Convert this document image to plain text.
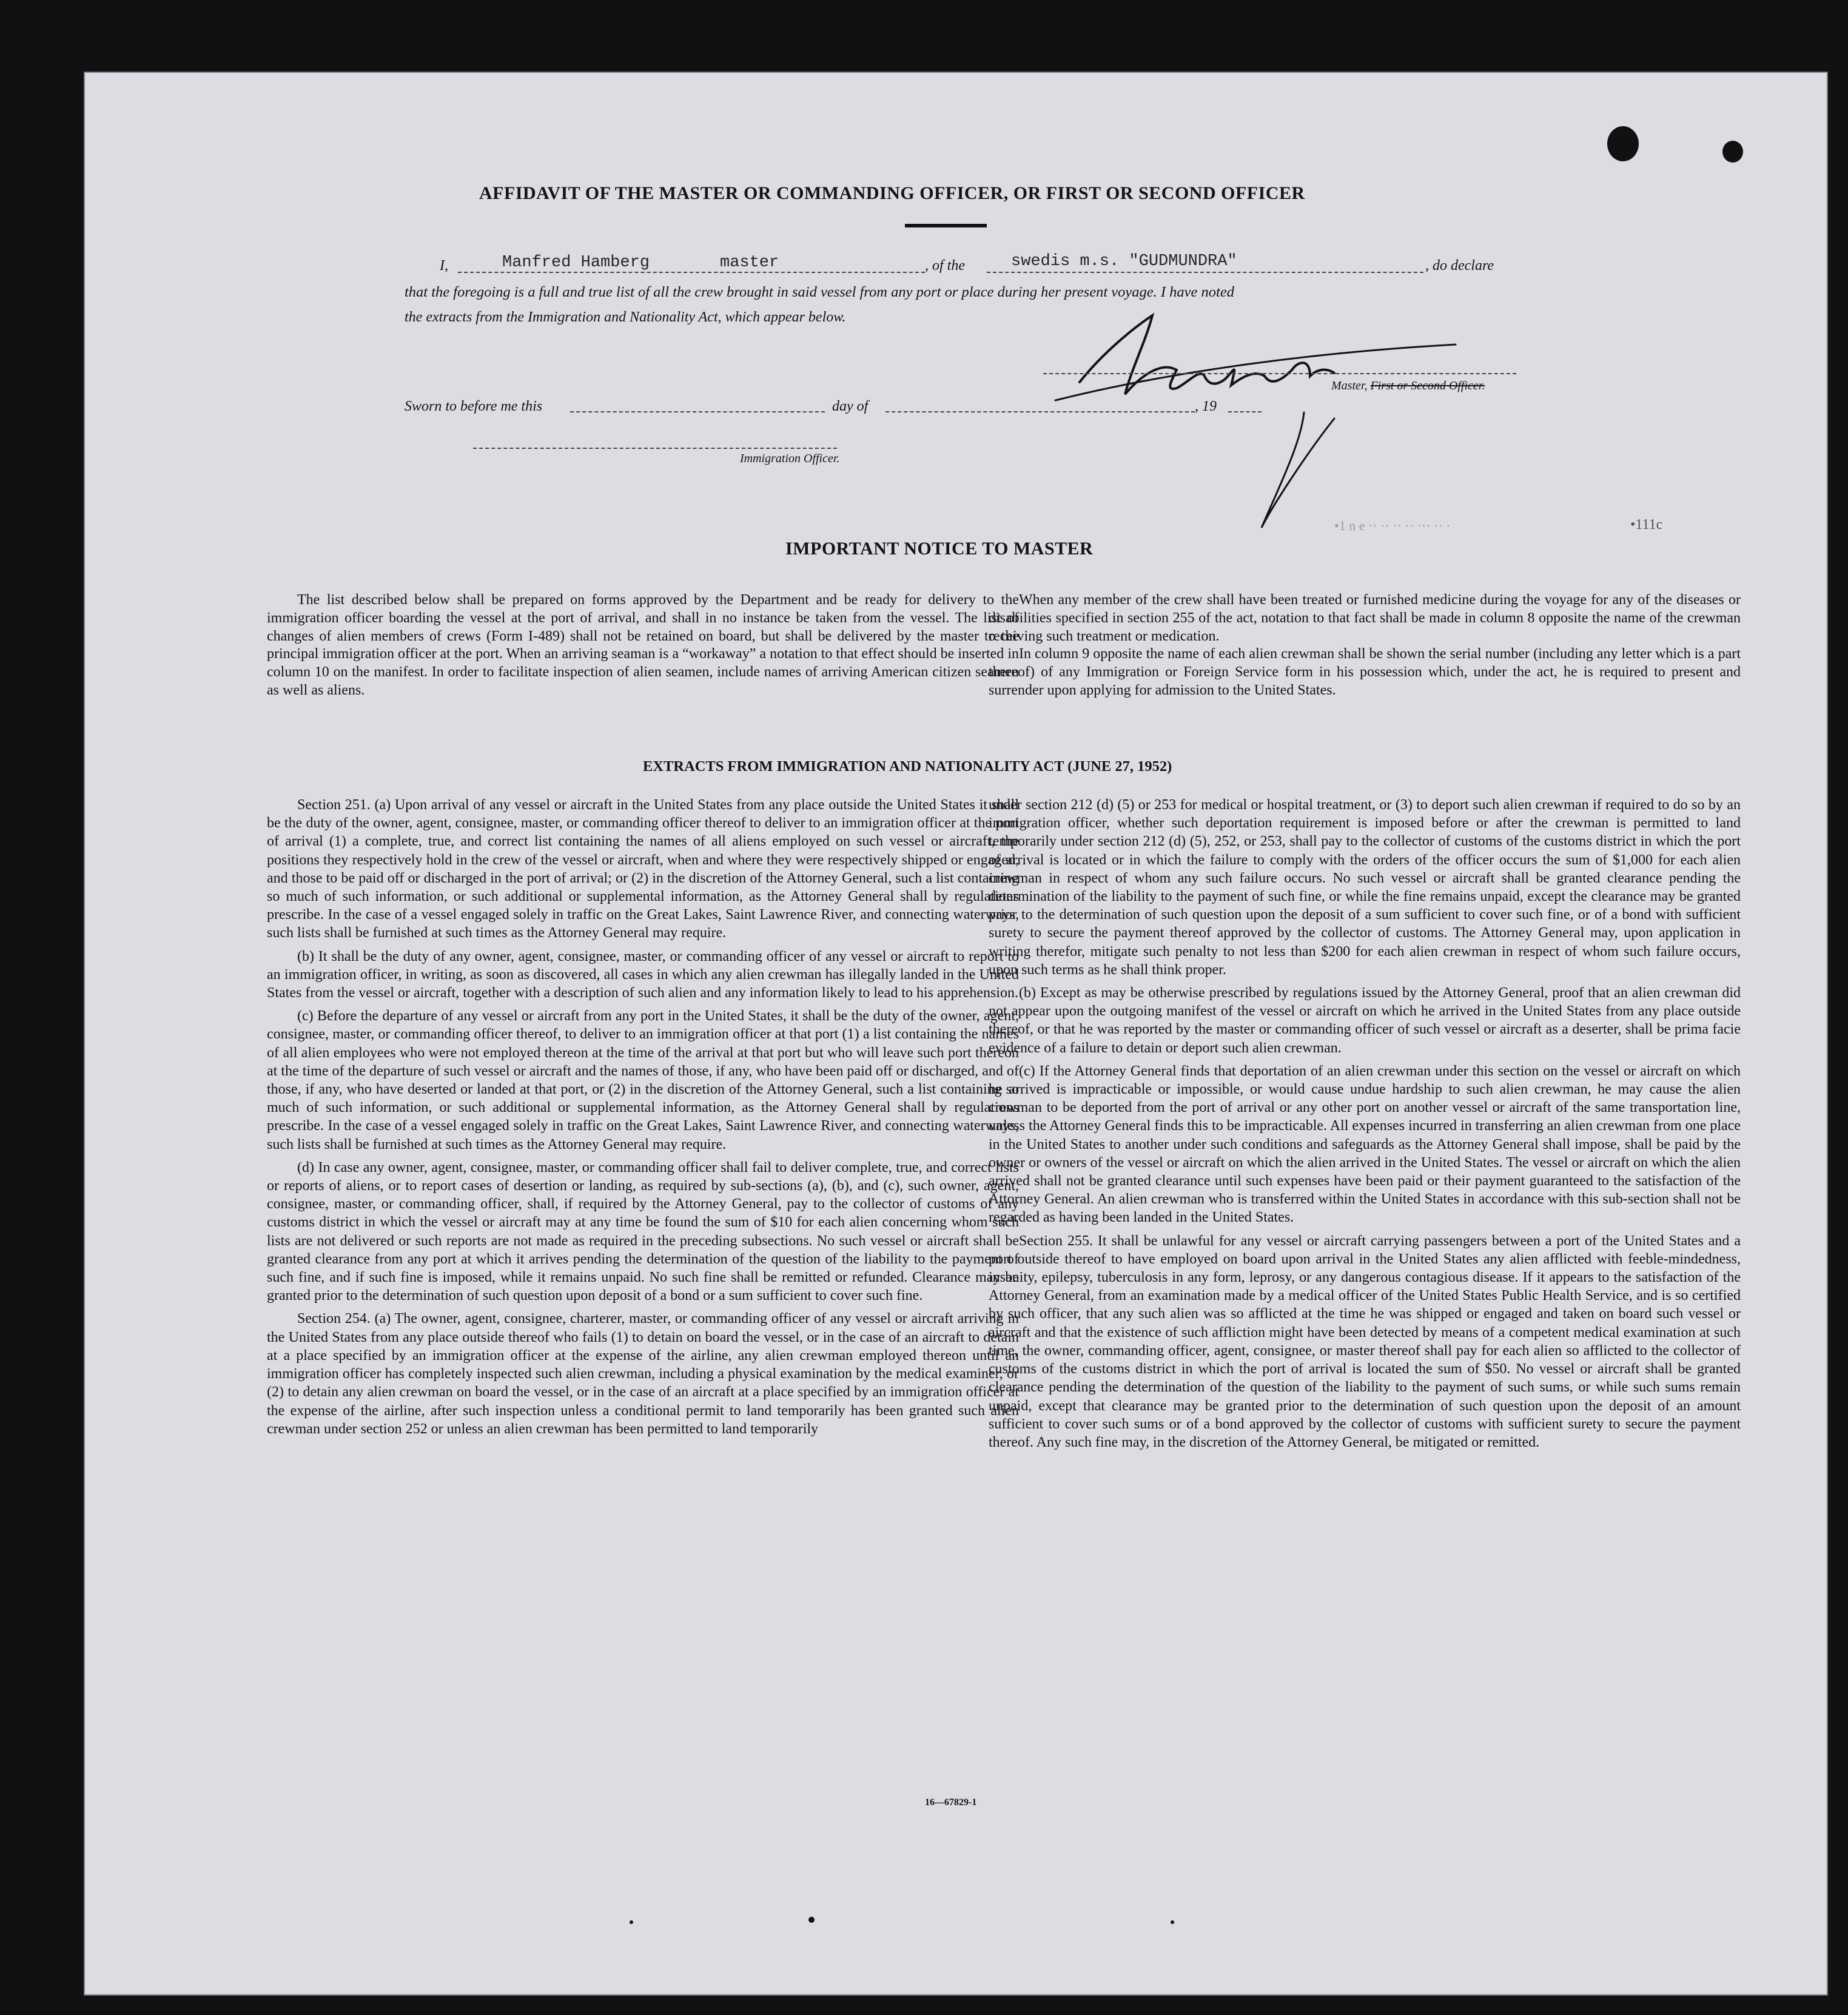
AFFIDAVIT OF THE MASTER OR COMMANDING OFFICER, OR FIRST OR SECOND OFFICER
I,	Manfred Hamberg	master	, of the	swedis m.s. "GUDMUNDRA"	, do declare
that the foregoing is a full and true list of all the crew brought in said vessel from any port or place during her present voyage. I have noted
the extracts from the Immigration and Nationality Act, which appear below.
Master, First or Second Officer.
Sworn to before me this	day of	, 19
Immigration Officer.
•1 n e ·· ·· ·· ·· ··· ·· ·	•111c
IMPORTANT NOTICE TO MASTER

The list described below shall be prepared on forms approved by the Department and be ready for delivery to the immigration officer boarding the vessel at the port of arrival, and shall in no instance be taken from the vessel. The list of changes of alien members of crews (Form I-489) shall not be retained on board, but shall be delivered by the master to the principal immigration officer at the port. When an arriving seaman is a “workaway” a notation to that effect should be inserted in column 10 on the manifest. In order to facilitate inspection of alien seamen, include names of arriving American citizen seamen as well as aliens.

When any member of the crew shall have been treated or furnished medicine during the voyage for any of the diseases or disabilities specified in section 255 of the act, notation to that fact shall be made in column 8 opposite the name of the crewman receiving such treatment or medication.

In column 9 opposite the name of each alien crewman shall be shown the serial number (including any letter which is a part thereof) of any Immigration or Foreign Service form in his possession which, under the act, he is required to present and surrender upon applying for admission to the United States.

EXTRACTS FROM IMMIGRATION AND NATIONALITY ACT (JUNE 27, 1952)

Section 251. (a) Upon arrival of any vessel or aircraft in the United States from any place outside the United States it shall be the duty of the owner, agent, consignee, master, or commanding officer thereof to deliver to an immigration officer at the port of arrival (1) a complete, true, and correct list containing the names of all aliens employed on such vessel or aircraft, the positions they respectively hold in the crew of the vessel or aircraft, when and where they were respectively shipped or engaged, and those to be paid off or discharged in the port of arrival; or (2) in the discretion of the Attorney General, such a list containing so much of such information, or such additional or supplemental information, as the Attorney General shall by regulations prescribe. In the case of a vessel engaged solely in traffic on the Great Lakes, Saint Lawrence River, and connecting waterways, such lists shall be furnished at such times as the Attorney General may require.

(b) It shall be the duty of any owner, agent, consignee, master, or commanding officer of any vessel or aircraft to report to an immigration officer, in writing, as soon as discovered, all cases in which any alien crewman has illegally landed in the United States from the vessel or aircraft, together with a description of such alien and any information likely to lead to his apprehension.

(c) Before the departure of any vessel or aircraft from any port in the United States, it shall be the duty of the owner, agent, consignee, master, or commanding officer thereof, to deliver to an immigration officer at that port (1) a list containing the names of all alien employees who were not employed thereon at the time of the arrival at that port but who will leave such port thereon at the time of the departure of such vessel or aircraft and the names of those, if any, who have been paid off or discharged, and of those, if any, who have deserted or landed at that port, or (2) in the discretion of the Attorney General, such a list containing so much of such information, or such additional or supplemental information, as the Attorney General shall by regulations prescribe. In the case of a vessel engaged solely in traffic on the Great Lakes, Saint Lawrence River, and connecting waterways, such lists shall be furnished at such times as the Attorney General may require.

(d) In case any owner, agent, consignee, master, or commanding officer shall fail to deliver complete, true, and correct lists or reports of aliens, or to report cases of desertion or landing, as required by sub-sections (a), (b), and (c), such owner, agent, consignee, master, or commanding officer, shall, if required by the Attorney General, pay to the collector of customs of any customs district in which the vessel or aircraft may at any time be found the sum of $10 for each alien concerning whom such lists are not delivered or such reports are not made as required in the preceding subsections. No such vessel or aircraft shall be granted clearance from any port at which it arrives pending the determination of the question of the liability to the payment of such fine, and if such fine is imposed, while it remains unpaid. No such fine shall be remitted or refunded. Clearance may be granted prior to the determination of such question upon deposit of a bond or a sum sufficient to cover such fine.

Section 254. (a) The owner, agent, consignee, charterer, master, or commanding officer of any vessel or aircraft arriving in the United States from any place outside thereof who fails (1) to detain on board the vessel, or in the case of an aircraft to detain at a place specified by an immigration officer at the expense of the airline, any alien crewman employed thereon until an immigration officer has completely inspected such alien crewman, including a physical examination by the medical examiner, or (2) to detain any alien crewman on board the vessel, or in the case of an aircraft at a place specified by an immigration officer at the expense of the airline, after such inspection unless a conditional permit to land temporarily has been granted such alien crewman under section 252 or unless an alien crewman has been permitted to land temporarily

under section 212 (d) (5) or 253 for medical or hospital treatment, or (3) to deport such alien crewman if required to do so by an immigration officer, whether such deportation requirement is imposed before or after the crewman is permitted to land temporarily under section 212 (d) (5), 252, or 253, shall pay to the collector of customs of the customs district in which the port of arrival is located or in which the failure to comply with the orders of the officer occurs the sum of $1,000 for each alien crewman in respect of whom any such failure occurs. No such vessel or aircraft shall be granted clearance pending the determination of the liability to the payment of such fine, or while the fine remains unpaid, except the clearance may be granted prior to the determination of such question upon the deposit of a sum sufficient to cover such fine, or of a bond with sufficient surety to secure the payment thereof approved by the collector of customs. The Attorney General may, upon application in writing therefor, mitigate such penalty to not less than $200 for each alien crewman in respect of whom such failure occurs, upon such terms as he shall think proper.

(b) Except as may be otherwise prescribed by regulations issued by the Attorney General, proof that an alien crewman did not appear upon the outgoing manifest of the vessel or aircraft on which he arrived in the United States from any place outside thereof, or that he was reported by the master or commanding officer of such vessel or aircraft as a deserter, shall be prima facie evidence of a failure to detain or deport such alien crewman.

(c) If the Attorney General finds that deportation of an alien crewman under this section on the vessel or aircraft on which he arrived is impracticable or impossible, or would cause undue hardship to such alien crewman, he may cause the alien crewman to be deported from the port of arrival or any other port on another vessel or aircraft of the same transportation line, unless the Attorney General finds this to be impracticable. All expenses incurred in transferring an alien crewman from one place in the United States to another under such conditions and safeguards as the Attorney General shall impose, shall be paid by the owner or owners of the vessel or aircraft on which the alien arrived in the United States. The vessel or aircraft on which the alien arrived shall not be granted clearance until such expenses have been paid or their payment guaranteed to the satisfaction of the Attorney General. An alien crewman who is transferred within the United States in accordance with this sub-section shall not be regarded as having been landed in the United States.

Section 255. It shall be unlawful for any vessel or aircraft carrying passengers between a port of the United States and a port outside thereof to have employed on board upon arrival in the United States any alien afflicted with feeble-mindedness, insanity, epilepsy, tuberculosis in any form, leprosy, or any dangerous contagious disease. If it appears to the satisfaction of the Attorney General, from an examination made by a medical officer of the United States Public Health Service, and is so certified by such officer, that any such alien was so afflicted at the time he was shipped or engaged and taken on board such vessel or aircraft and that the existence of such affliction might have been detected by means of a competent medical examination at such time, the owner, commanding officer, agent, consignee, or master thereof shall pay for each alien so afflicted to the collector of customs of the customs district in which the port of arrival is located the sum of $50. No vessel or aircraft shall be granted clearance pending the determination of the question of the liability to the payment of such sums, or while such sums remain unpaid, except that clearance may be granted prior to the determination of such question upon the deposit of an amount sufficient to cover such sums or of a bond approved by the collector of customs with sufficient surety to secure the payment thereof. Any such fine may, in the discretion of the Attorney General, be mitigated or remitted.

16—67829-1
